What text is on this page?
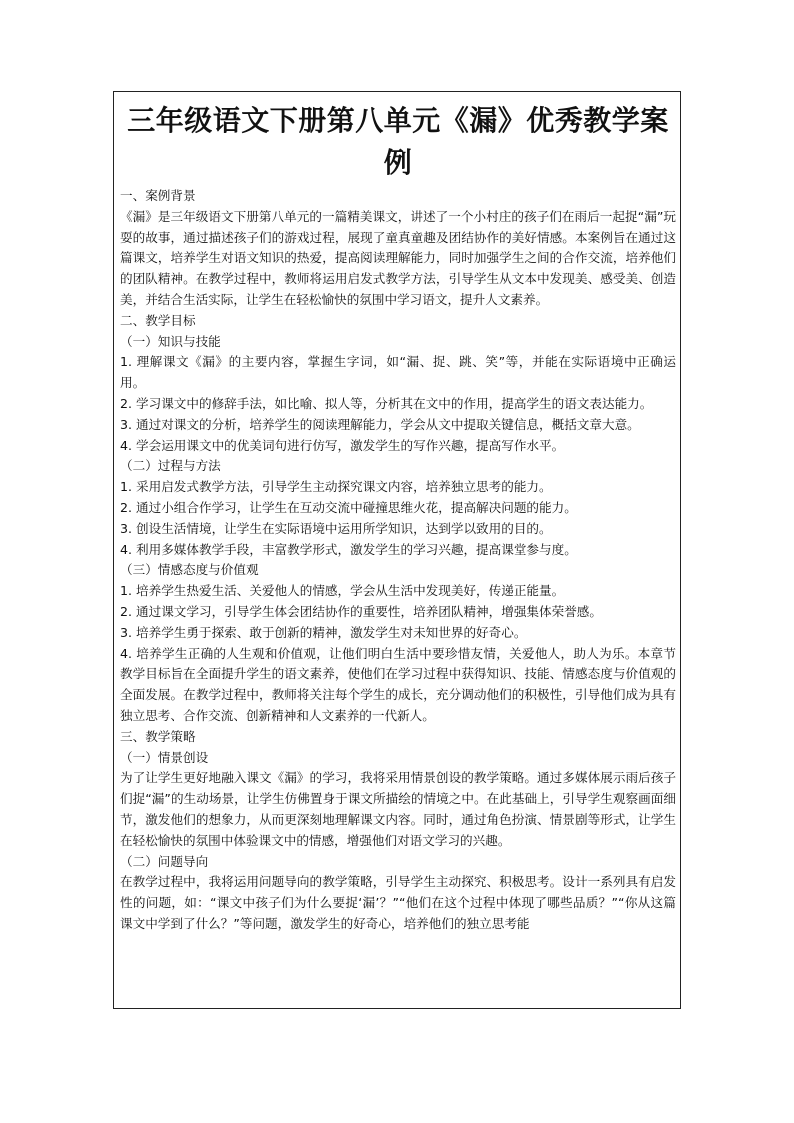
三年级语文下册第八单元《漏》优秀教学案例

一、案例背景

《漏》是三年级语文下册第八单元的一篇精美课文，讲述了一个小村庄的孩子们在雨后一起捉“漏”玩耍的故事，通过描述孩子们的游戏过程，展现了童真童趣及团结协作的美好情感。本案例旨在通过这篇课文，培养学生对语文知识的热爱，提高阅读理解能力，同时加强学生之间的合作交流，培养他们的团队精神。在教学过程中，教师将运用启发式教学方法，引导学生从文本中发现美、感受美、创造美，并结合生活实际，让学生在轻松愉快的氛围中学习语文，提升人文素养。

二、教学目标

（一）知识与技能

1. 理解课文《漏》的主要内容，掌握生字词，如“漏、捉、跳、笑”等，并能在实际语境中正确运用。

2. 学习课文中的修辞手法，如比喻、拟人等，分析其在文中的作用，提高学生的语文表达能力。

3. 通过对课文的分析，培养学生的阅读理解能力，学会从文中提取关键信息，概括文章大意。

4. 学会运用课文中的优美词句进行仿写，激发学生的写作兴趣，提高写作水平。

（二）过程与方法

1. 采用启发式教学方法，引导学生主动探究课文内容，培养独立思考的能力。

2. 通过小组合作学习，让学生在互动交流中碰撞思维火花，提高解决问题的能力。

3. 创设生活情境，让学生在实际语境中运用所学知识，达到学以致用的目的。

4. 利用多媒体教学手段，丰富教学形式，激发学生的学习兴趣，提高课堂参与度。

（三）情感态度与价值观

1. 培养学生热爱生活、关爱他人的情感，学会从生活中发现美好，传递正能量。

2. 通过课文学习，引导学生体会团结协作的重要性，培养团队精神，增强集体荣誉感。

3. 培养学生勇于探索、敢于创新的精神，激发学生对未知世界的好奇心。

4. 培养学生正确的人生观和价值观，让他们明白生活中要珍惜友情，关爱他人，助人为乐。本章节教学目标旨在全面提升学生的语文素养，使他们在学习过程中获得知识、技能、情感态度与价值观的全面发展。在教学过程中，教师将关注每个学生的成长，充分调动他们的积极性，引导他们成为具有独立思考、合作交流、创新精神和人文素养的一代新人。

三、教学策略

（一）情景创设

为了让学生更好地融入课文《漏》的学习，我将采用情景创设的教学策略。通过多媒体展示雨后孩子们捉“漏”的生动场景，让学生仿佛置身于课文所描绘的情境之中。在此基础上，引导学生观察画面细节，激发他们的想象力，从而更深刻地理解课文内容。同时，通过角色扮演、情景剧等形式，让学生在轻松愉快的氛围中体验课文中的情感，增强他们对语文学习的兴趣。

（二）问题导向

在教学过程中，我将运用问题导向的教学策略，引导学生主动探究、积极思考。设计一系列具有启发性的问题，如：“课文中孩子们为什么要捉‘漏’？”“他们在这个过程中体现了哪些品质？”“你从这篇课文中学到了什么？”等问题，激发学生的好奇心，培养他们的独立思考能
